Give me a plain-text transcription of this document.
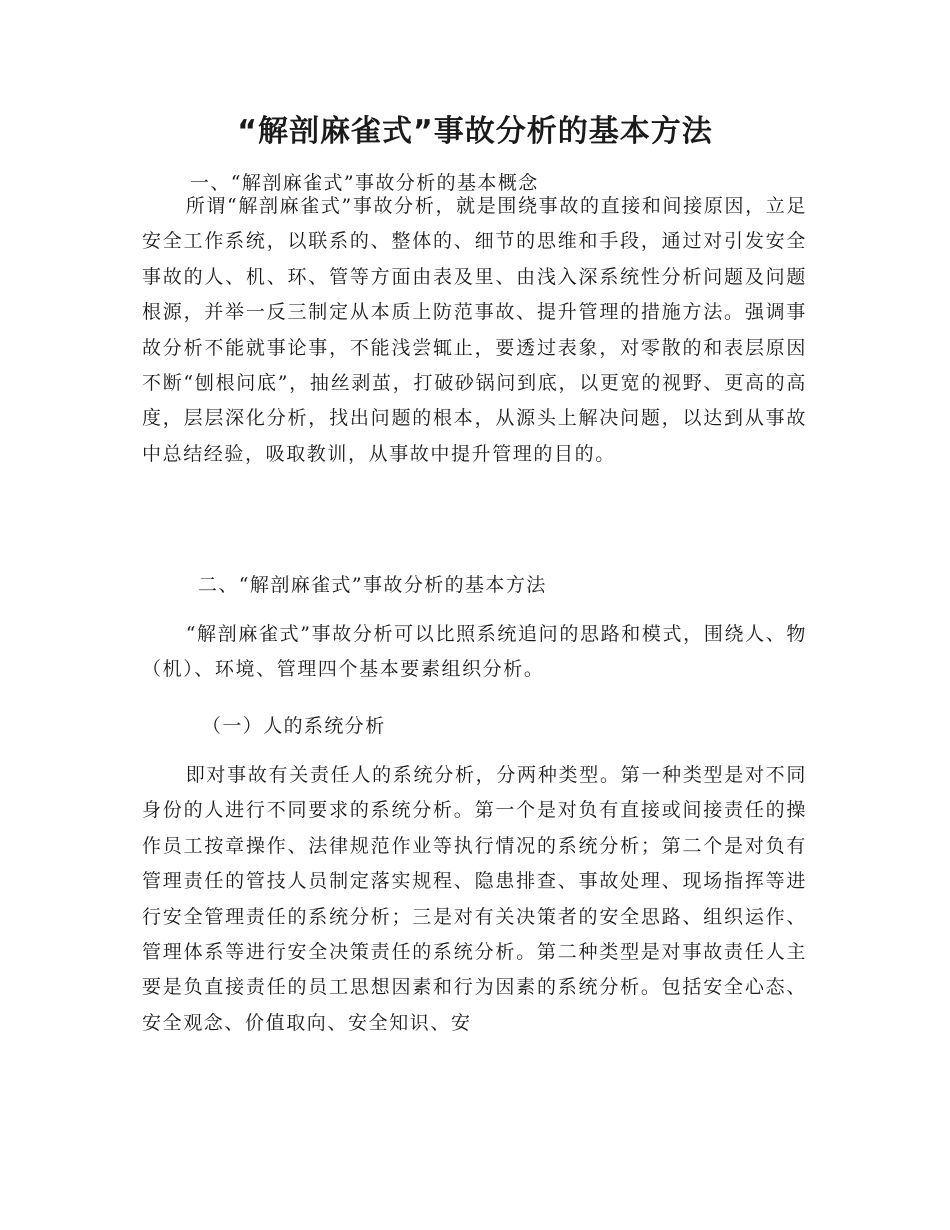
“解剖麻雀式”事故分析的基本方法
一、“解剖麻雀式”事故分析的基本概念
所谓“解剖麻雀式”事故分析，就是围绕事故的直接和间接原因，立足安全工作系统，以联系的、整体的、细节的思维和手段，通过对引发安全事故的人、机、环、管等方面由表及里、由浅入深系统性分析问题及问题根源，并举一反三制定从本质上防范事故、提升管理的措施方法。强调事故分析不能就事论事，不能浅尝辄止，要透过表象，对零散的和表层原因不断“刨根问底”，抽丝剥茧，打破砂锅问到底，以更宽的视野、更高的高度，层层深化分析，找出问题的根本，从源头上解决问题，以达到从事故中总结经验，吸取教训，从事故中提升管理的目的。
二、“解剖麻雀式”事故分析的基本方法
“解剖麻雀式”事故分析可以比照系统追问的思路和模式，围绕人、物（机）、环境、管理四个基本要素组织分析。
（一）人的系统分析
即对事故有关责任人的系统分析，分两种类型。第一种类型是对不同身份的人进行不同要求的系统分析。第一个是对负有直接或间接责任的操作员工按章操作、法律规范作业等执行情况的系统分析；第二个是对负有管理责任的管技人员制定落实规程、隐患排查、事故处理、现场指挥等进行安全管理责任的系统分析；三是对有关决策者的安全思路、组织运作、管理体系等进行安全决策责任的系统分析。第二种类型是对事故责任人主要是负直接责任的员工思想因素和行为因素的系统分析。包括安全心态、安全观念、价值取向、安全知识、安
